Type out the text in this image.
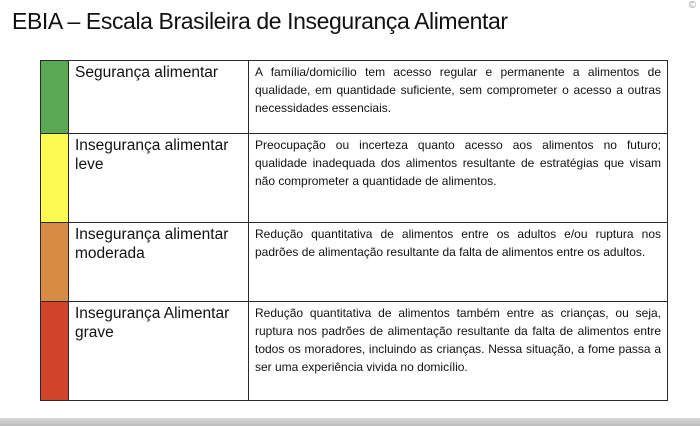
EBIA – Escala Brasileira de Insegurança Alimentar
©
	Segurança alimentar	A família/domicílio tem acesso regular e permanente a alimentos de qualidade, em quantidade suficiente, sem comprometer o acesso a outras necessidades essenciais.
	Insegurança alimentar leve	Preocupação ou incerteza quanto acesso aos alimentos no futuro; qualidade inadequada dos alimentos resultante de estratégias que visam não comprometer a quantidade de alimentos.
	Insegurança alimentar moderada	Redução quantitativa de alimentos entre os adultos e/ou ruptura nos padrões de alimentação resultante da falta de alimentos entre os adultos.
	Insegurança Alimentar grave	Redução quantitativa de alimentos também entre as crianças, ou seja, ruptura nos padrões de alimentação resultante da falta de alimentos entre todos os moradores, incluindo as crianças. Nessa situação, a fome passa a ser uma experiência vivida no domicílio.
